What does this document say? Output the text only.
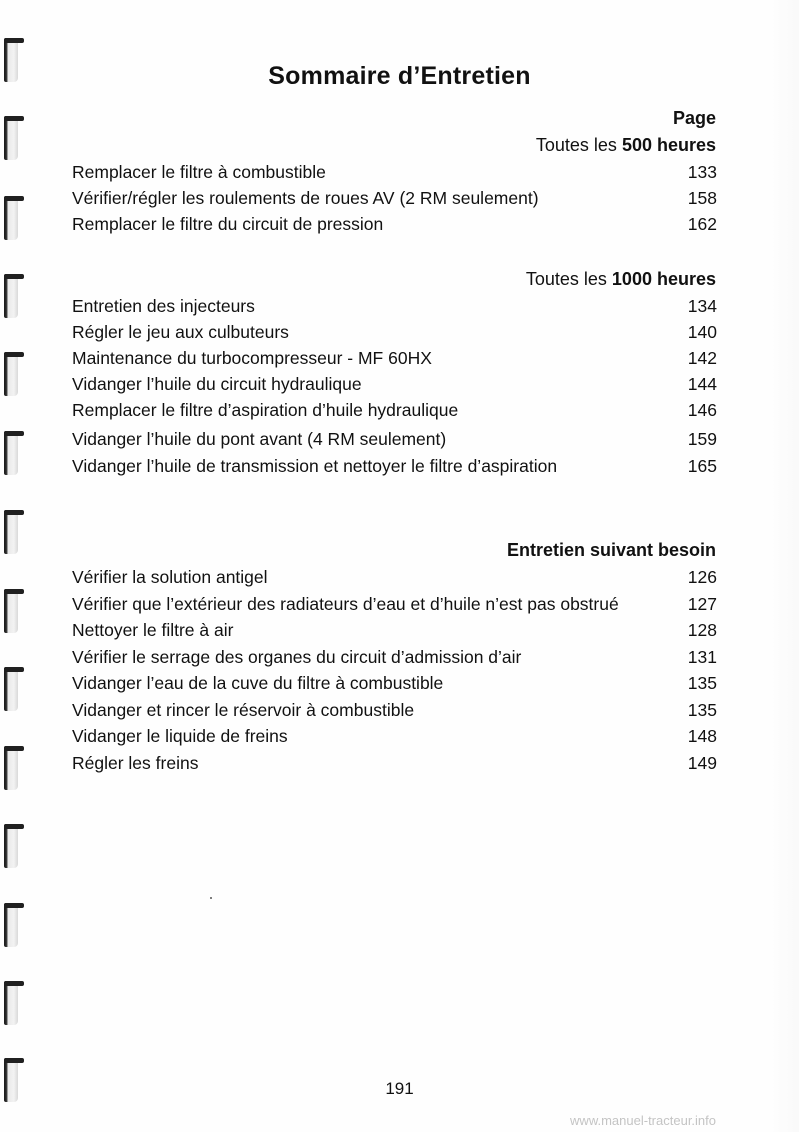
Sommaire d’Entretien
Page
Toutes les 500 heures
Remplacer le filtre à combustible	133
Vérifier/régler les roulements de roues AV (2 RM seulement)	158
Remplacer le filtre du circuit de pression	162
Toutes les 1000 heures
Entretien des injecteurs	134
Régler le jeu aux culbuteurs	140
Maintenance du turbocompresseur - MF 60HX	142
Vidanger l’huile du circuit hydraulique	144
Remplacer le filtre d’aspiration d’huile hydraulique	146
Vidanger l’huile du pont avant (4 RM seulement)	159
Vidanger l’huile de transmission et nettoyer le filtre d’aspiration	165
Entretien suivant besoin
Vérifier la solution antigel	126
Vérifier que l’extérieur des radiateurs d’eau et d’huile n’est pas obstrué	127
Nettoyer le filtre à air	128
Vérifier le serrage des organes du circuit d’admission d’air	131
Vidanger l’eau de la cuve du filtre à combustible	135
Vidanger et rincer le réservoir à combustible	135
Vidanger le liquide de freins	148
Régler les freins	149
191
www.manuel-tracteur.info
